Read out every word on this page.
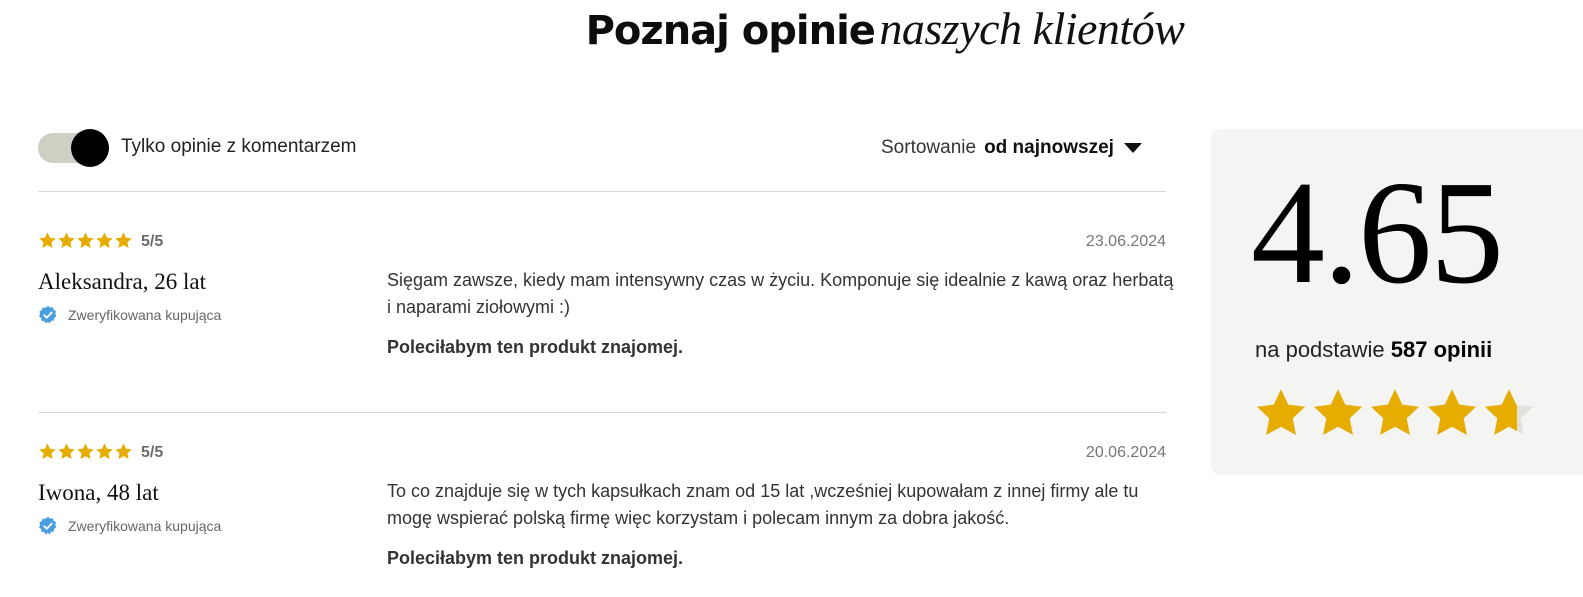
Poznaj opinie naszych klientów
Tylko opinie z komentarzem	Sortowanie od najnowszej
5/5	23.06.2024
Aleksandra, 26 lat
Zweryfikowana kupująca
Sięgam zawsze, kiedy mam intensywny czas w życiu. Komponuje się idealnie z kawą oraz herbatą i naparami ziołowymi :)
Poleciłabym ten produkt znajomej.
5/5	20.06.2024
Iwona, 48 lat
Zweryfikowana kupująca
To co znajduje się w tych kapsułkach znam od 15 lat ,wcześniej kupowałam z innej firmy ale tu mogę wspierać polską firmę więc korzystam i polecam innym za dobra jakość.
Poleciłabym ten produkt znajomej.
4.65
na podstawie 587 opinii
